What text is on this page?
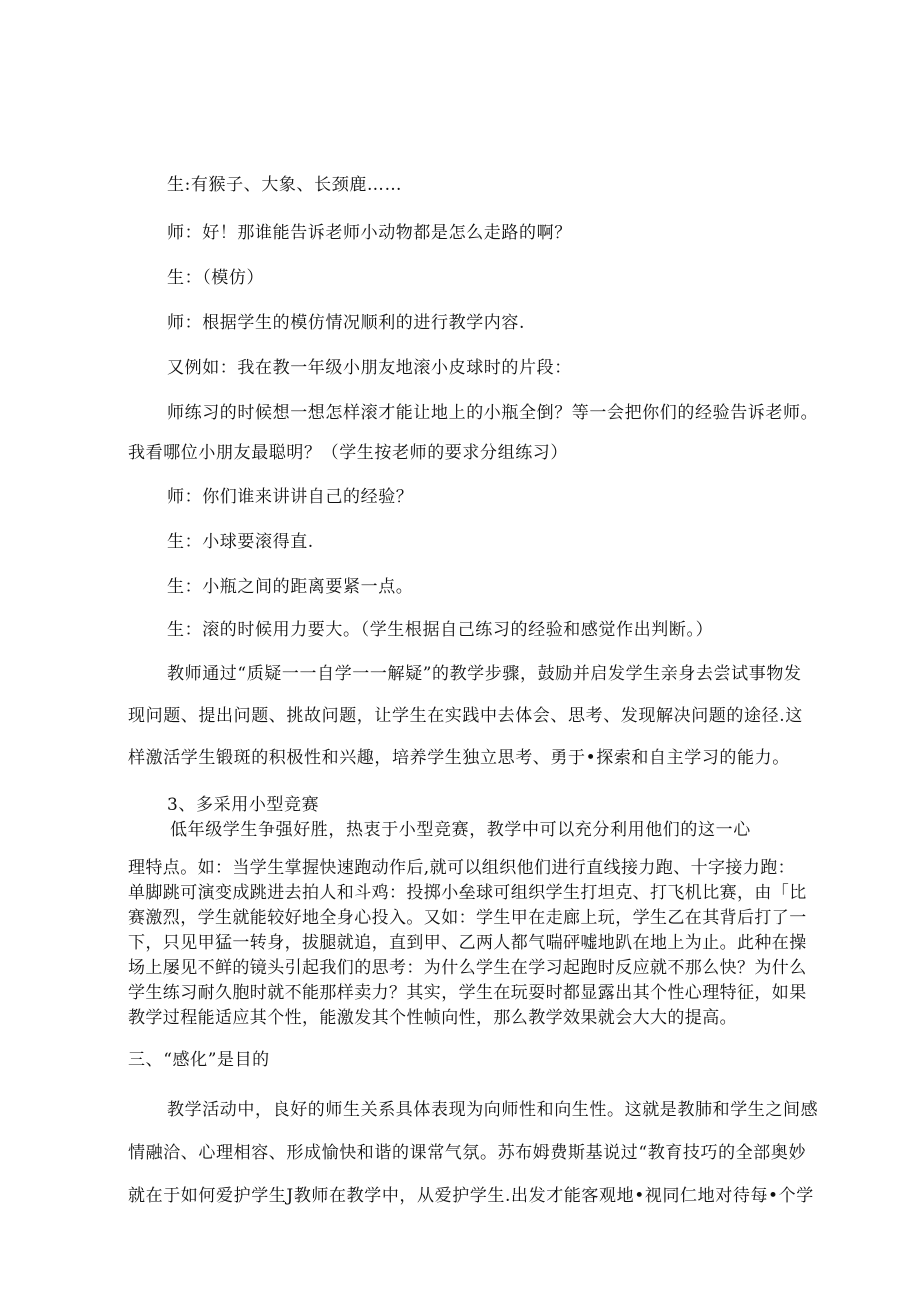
生:有猴子、大象、长颈鹿……
师：好！那谁能告诉老师小动物都是怎么走路的啊？
生：（模仿）
师：根据学生的模仿情况顺利的进行教学内容.
又例如：我在教一年级小朋友地滚小皮球时的片段：
师练习的时候想一想怎样滚才能让地上的小瓶全倒？等一会把你们的经验告诉老师。
我看哪位小朋友最聪明？（学生按老师的要求分组练习）
师：你们谁来讲讲自己的经验？
生：小球要滚得直.
生：小瓶之间的距离要紧一点。
生：滚的时候用力要大。（学生根据自己练习的经验和感觉作出判断。）
教师通过“质疑一一自学一一解疑”的教学步骤，鼓励并启发学生亲身去尝试事物发
现问题、提出问题、挑故问题，让学生在实践中去体会、思考、发现解决问题的途径.这
样激活学生锻斑的积极性和兴趣，培养学生独立思考、勇于•探索和自主学习的能力。
3、多采用小型竞赛
低年级学生争强好胜，热衷于小型竞赛，教学中可以充分利用他们的这一心
理特点。如：当学生掌握快速跑动作后,就可以组织他们进行直线接力跑、十字接力跑：
单脚跳可演变成跳进去拍人和斗鸡：投掷小垒球可组织学生打坦克、打飞机比赛，由「比
赛激烈，学生就能较好地全身心投入。又如：学生甲在走廊上玩，学生乙在其背后打了一
下，只见甲猛一转身，拔腿就追，直到甲、乙两人都气喘砰嘘地趴在地上为止。此种在操
场上屡见不鲜的镜头引起我们的思考：为什么学生在学习起跑时反应就不那么快？为什么
学生练习耐久胞时就不能那样卖力？其实，学生在玩耍时都显露出其个性心理特征，如果
教学过程能适应其个性，能激发其个性帧向性，那么教学效果就会大大的提高。
三、“感化”是目的
教学活动中，良好的师生关系具体表现为向师性和向生性。这就是教肺和学生之间感
情融洽、心理相容、形成愉快和谐的课常气氛。苏布姆费斯基说过“教育技巧的全部奥妙
就在于如何爱护学生J教师在教学中，从爱护学生.出发才能客观地•视同仁地对待每•个学
